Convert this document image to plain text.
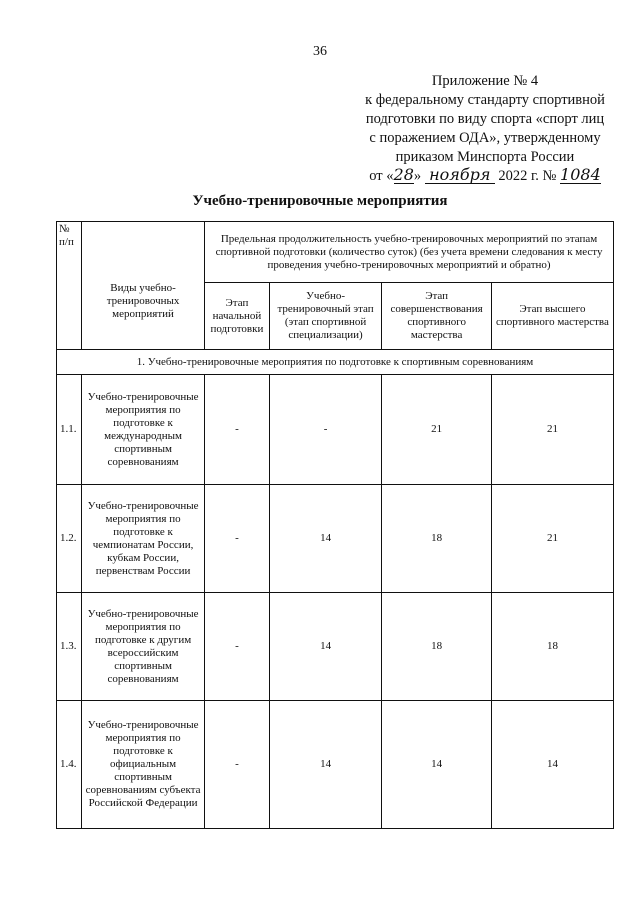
36
Приложение № 4
к федеральному стандарту спортивной
подготовки по виду спорта «спорт лиц
с поражением ОДА», утвержденному
приказом Минспорта России
от «28» ноября 2022 г. № 1084
Учебно-тренировочные мероприятия
№ п/п	Виды учебно-тренировочных мероприятий	Предельная продолжительность учебно-тренировочных мероприятий по этапам спортивной подготовки (количество суток) (без учета времени следования к месту проведения учебно-тренировочных мероприятий и обратно)			
		Этап начальной подготовки	Учебно-тренировочный этап (этап спортивной специализации)	Этап совершенствования спортивного мастерства	Этап высшего спортивного мастерства
1. Учебно-тренировочные мероприятия по подготовке к спортивным соревнованиям					
1.1.	Учебно-тренировочные мероприятия по подготовке к международным спортивным соревнованиям	-	-	21	21
1.2.	Учебно-тренировочные мероприятия по подготовке к чемпионатам России, кубкам России, первенствам России	-	14	18	21
1.3.	Учебно-тренировочные мероприятия по подготовке к другим всероссийским спортивным соревнованиям	-	14	18	18
1.4.	Учебно-тренировочные мероприятия по подготовке к официальным спортивным соревнованиям субъекта Российской Федерации	-	14	14	14
